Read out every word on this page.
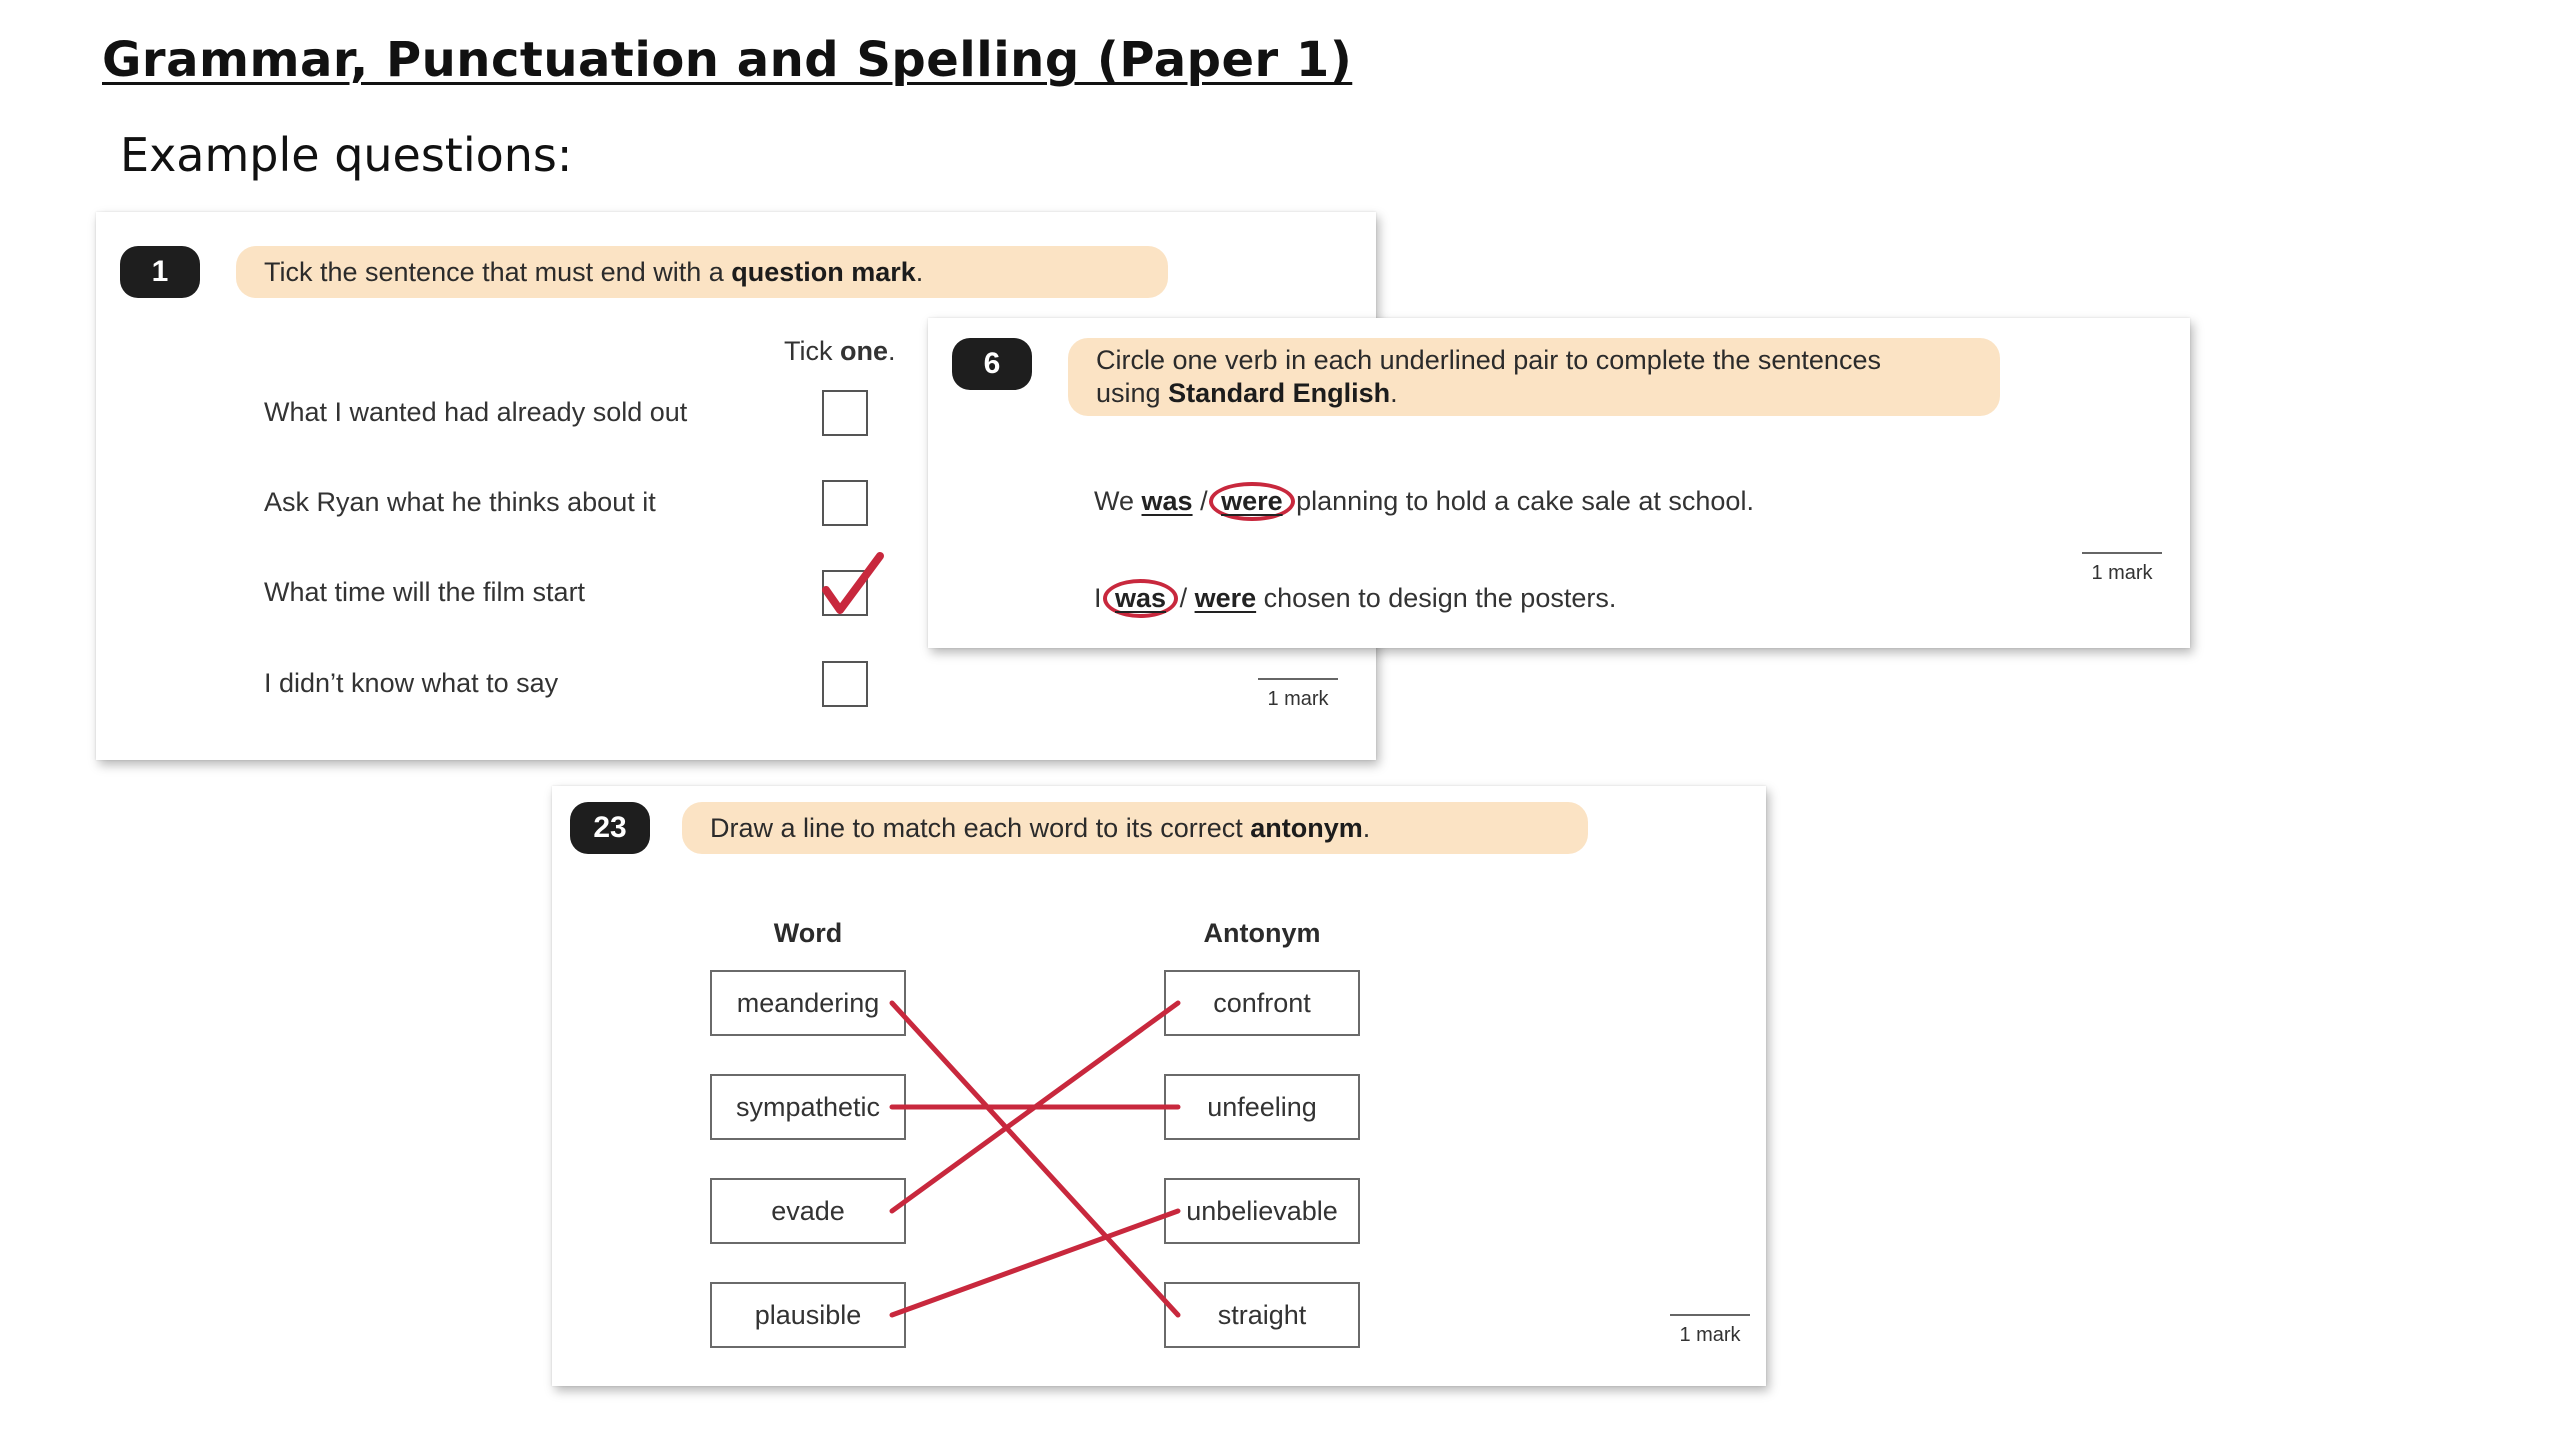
Grammar, Punctuation and Spelling (Paper 1)
Example questions:
1	Tick the sentence that must end with a question mark.
Tick one.
What I wanted had already sold out
Ask Ryan what he thinks about it
What time will the film start
I didn’t know what to say
1 mark
6	Circle one verb in each underlined pair to complete the sentences
using Standard English.
We was / were planning to hold a cake sale at school.
I was / were chosen to design the posters.
1 mark
23	Draw a line to match each word to its correct antonym.
Word	Antonym
meandering
sympathetic
evade
plausible
confront
unfeeling
unbelievable
straight
1 mark
